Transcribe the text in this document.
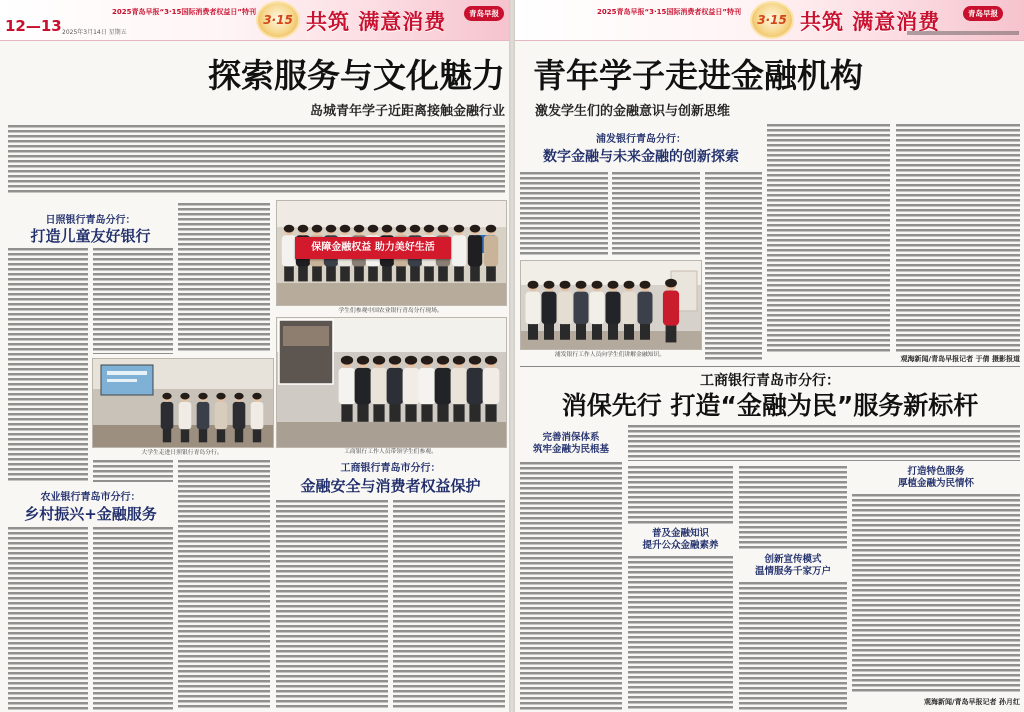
12—13 2025年3月14日 星期五
2025青岛早报“3·15国际消费者权益日”特刊
3·15 共筑 满意消费	青岛早报
探索服务与文化魅力
岛城青年学子近距离接触金融行业
日照银行青岛分行：
打造儿童友好银行
大学生走进日照银行青岛分行。
农业银行青岛市分行：
乡村振兴+金融服务
保障金融权益 助力美好生活
学生们参观中国农业银行青岛分行现场。
工商银行工作人员带领学生们参观。
工商银行青岛市分行：
金融安全与消费者权益保护
2025青岛早报“3·15国际消费者权益日”特刊
3·15 共筑 满意消费	青岛早报
青年学子走进金融机构
激发学生们的金融意识与创新思维
浦发银行青岛分行：
数字金融与未来金融的创新探索
浦发银行工作人员向学生们讲解金融知识。	观海新闻/青岛早报记者 于倩 摄影报道
工商银行青岛市分行：
消保先行 打造“金融为民”服务新标杆
完善消保体系
筑牢金融为民根基
普及金融知识
提升公众金融素养
创新宣传模式
温情服务千家万户
打造特色服务
厚植金融为民情怀
观海新闻/青岛早报记者 孙月红
